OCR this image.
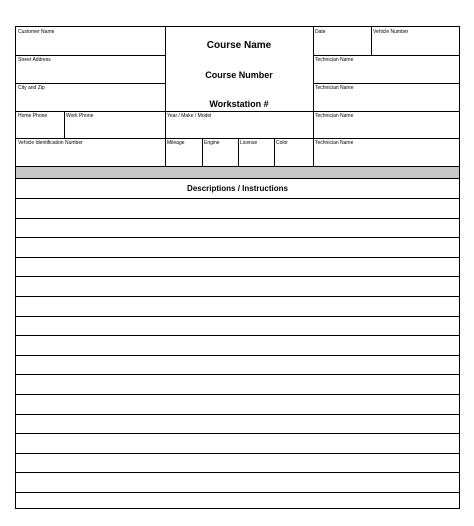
Customer Name
Street Address
City and Zip
Home Phone	Work Phone
Vehicle Identification Number
Course Name
Course Number
Workstation #
Year / Make / Model
Mileage	Engine	License	Color
Date	Vehicle Number
Technician Name
Technician Name
Technician Name
Technician Name
Descriptions / Instructions
